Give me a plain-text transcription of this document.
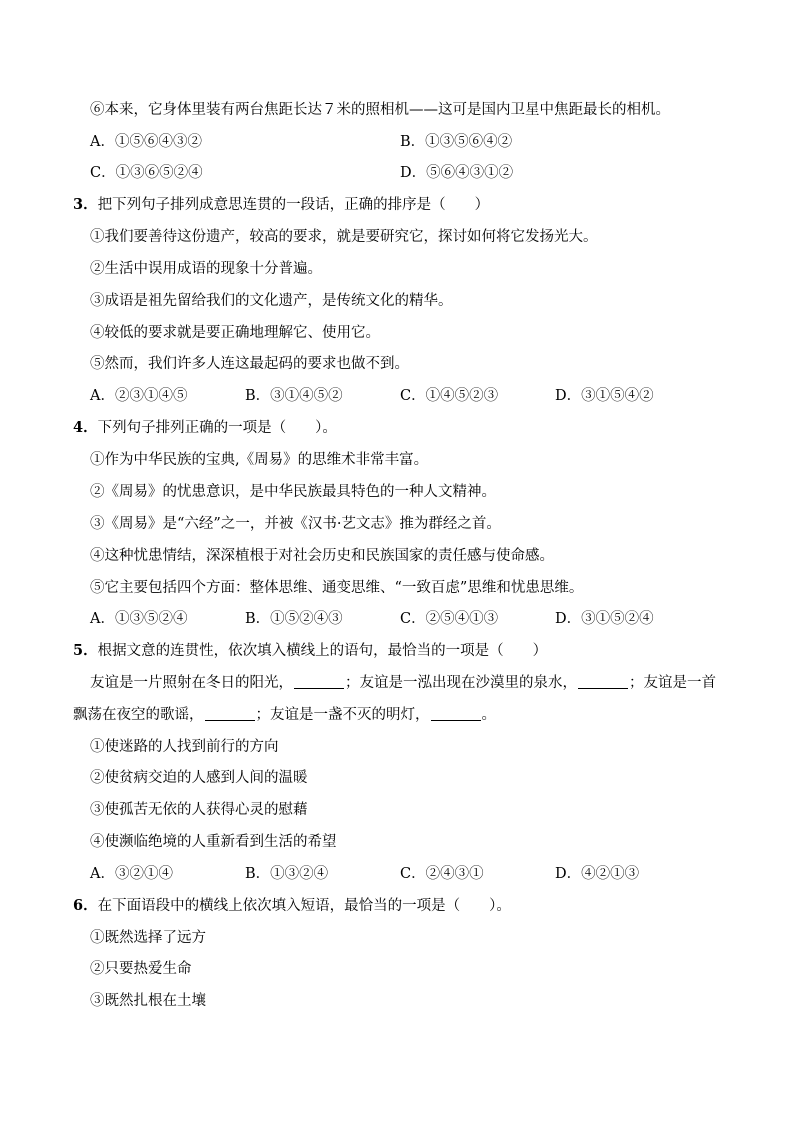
⑥本来，它身体里装有两台焦距长达７米的照相机——这可是国内卫星中焦距最长的相机。
A．①⑤⑥④③②	B．①③⑤⑥④②
C．①③⑥⑤②④	D．⑤⑥④③①②
3．把下列句子排列成意思连贯的一段话，正确的排序是（　　）
①我们要善待这份遗产，较高的要求，就是要研究它，探讨如何将它发扬光大。
②生活中误用成语的现象十分普遍。
③成语是祖先留给我们的文化遗产，是传统文化的精华。
④较低的要求就是要正确地理解它、使用它。
⑤然而，我们许多人连这最起码的要求也做不到。
A．②③①④⑤	B．③①④⑤②	C．①④⑤②③	D．③①⑤④②
4．下列句子排列正确的一项是（　　）。
①作为中华民族的宝典,《周易》的思维术非常丰富。
②《周易》的忧患意识，是中华民族最具特色的一种人文精神。
③《周易》是“六经”之一，并被《汉书·艺文志》推为群经之首。
④这种忧患情结，深深植根于对社会历史和民族国家的责任感与使命感。
⑤它主要包括四个方面：整体思维、通变思维、“一致百虑”思维和忧患思维。
A．①③⑤②④	B．①⑤②④③	C．②⑤④①③	D．③①⑤②④
5．根据文意的连贯性，依次填入横线上的语句，最恰当的一项是（　　）
友谊是一片照射在冬日的阳光，	；友谊是一泓出现在沙漠里的泉水，	；友谊是一首
飘荡在夜空的歌谣，	；友谊是一盏不灭的明灯，	。
①使迷路的人找到前行的方向
②使贫病交迫的人感到人间的温暖
③使孤苦无依的人获得心灵的慰藉
④使濒临绝境的人重新看到生活的希望
A．③②①④	B．①③②④	C．②④③①	D．④②①③
6．在下面语段中的横线上依次填入短语，最恰当的一项是（　　）。
①既然选择了远方
②只要热爱生命
③既然扎根在土壤
